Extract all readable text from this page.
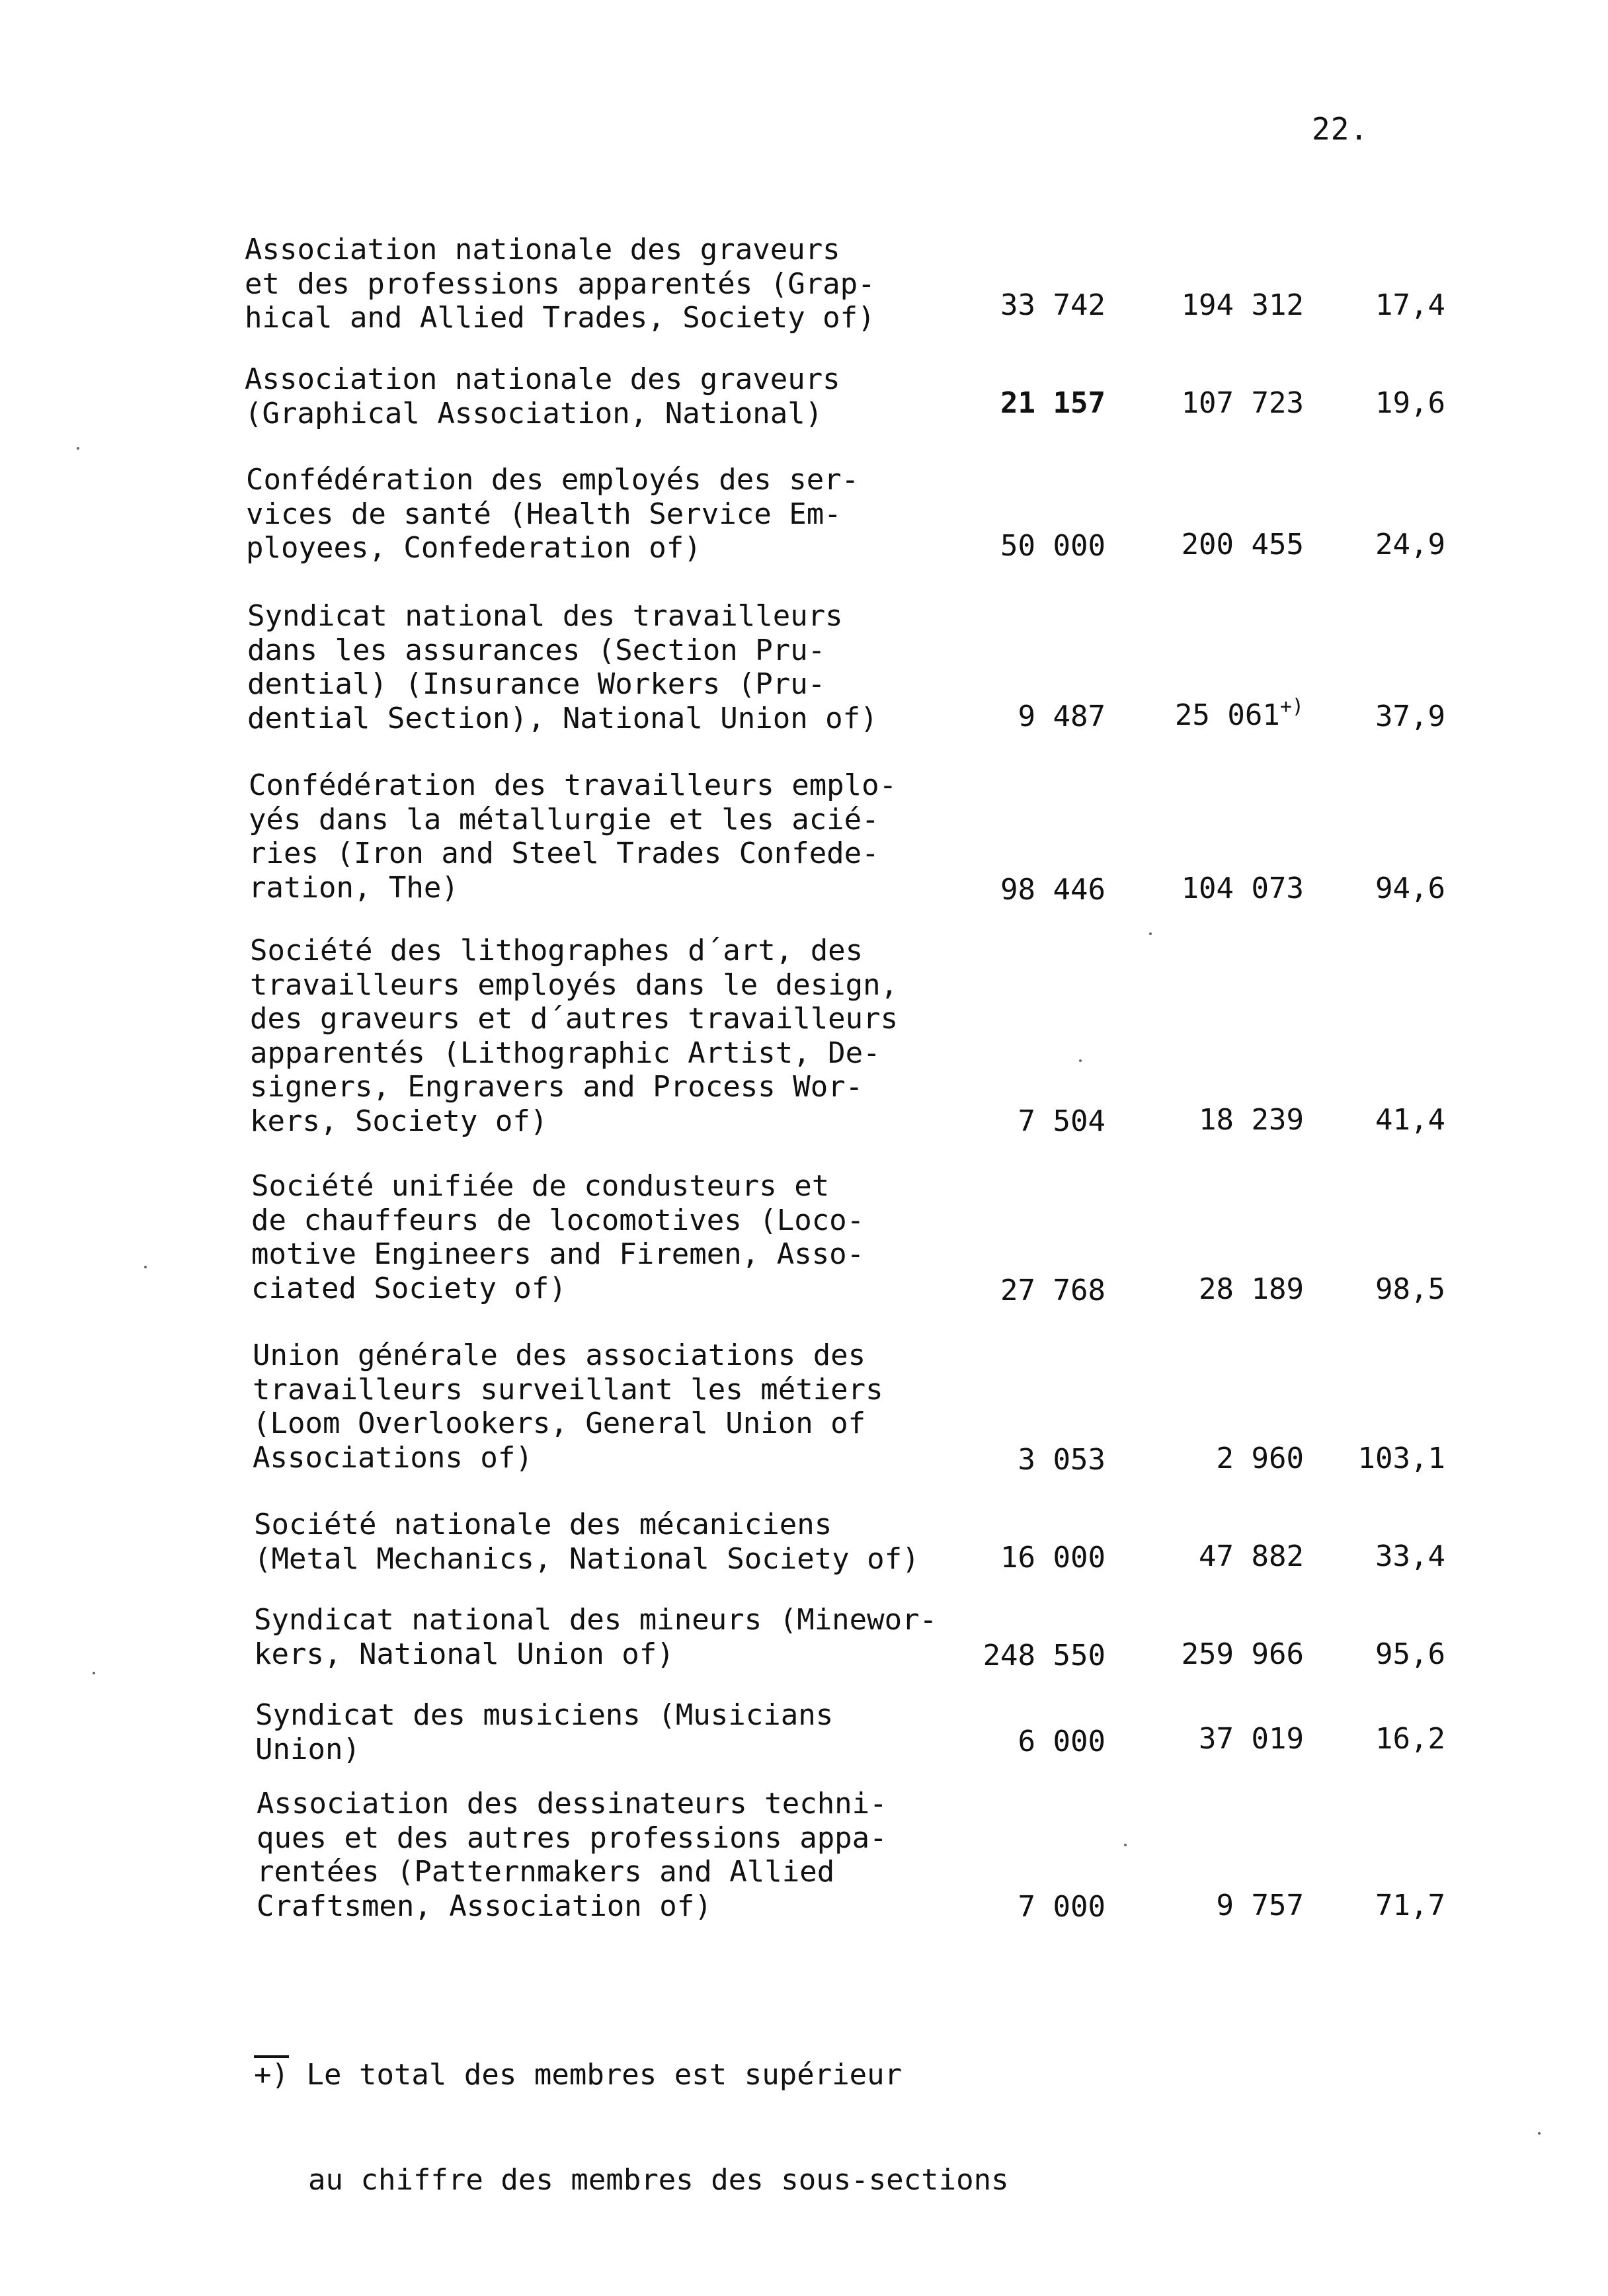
22.
Association nationale des graveurs
et des professions apparentés (Grap-
hical and Allied Trades, Society of)	33 742	194 312	17,4
Association nationale des graveurs
(Graphical Association, National)	21 157	107 723	19,6
Confédération des employés des ser-
vices de santé (Health Service Em-
ployees, Confederation of)	50 000	200 455	24,9
Syndicat national des travailleurs
dans les assurances (Section Pru-
dential) (Insurance Workers (Pru-
dential Section), National Union of)	9 487	25 061+)	37,9
Confédération des travailleurs emplo-
yés dans la métallurgie et les acié-
ries (Iron and Steel Trades Confede-
ration, The)	98 446	104 073	94,6
Société des lithographes d´art, des
travailleurs employés dans le design,
des graveurs et d´autres travailleurs
apparentés (Lithographic Artist, De-
signers, Engravers and Process Wor-
kers, Society of)	7 504	18 239	41,4
Société unifiée de condusteurs et
de chauffeurs de locomotives (Loco-
motive Engineers and Firemen, Asso-
ciated Society of)	27 768	28 189	98,5
Union générale des associations des
travailleurs surveillant les métiers
(Loom Overlookers, General Union of
Associations of)	3 053	2 960	103,1
Société nationale des mécaniciens
(Metal Mechanics, National Society of)	16 000	47 882	33,4
Syndicat national des mineurs (Minewor-
kers, National Union of)	248 550	259 966	95,6
Syndicat des musiciens (Musicians
Union)	6 000	37 019	16,2
Association des dessinateurs techni-
ques et des autres professions appa-
rentées (Patternmakers and Allied
Craftsmen, Association of)	7 000	9 757	71,7

+) Le total des membres est supérieur

au chiffre des membres des sous-sections
